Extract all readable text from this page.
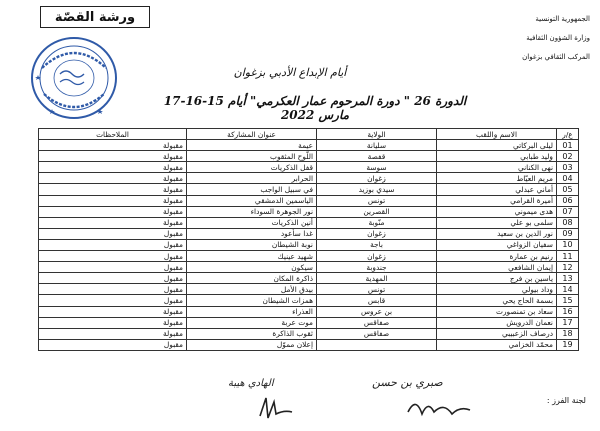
ورشة القصّة	الجمهورية التونسية
وزارة الشؤون الثقافية
المركب الثقافي بزغوان
أيام الإبداع الأدبي بزغوان
الدورة 26 " دورة المرحوم عمار العكرمي" أيام 15-16-17 مارس 2022
ع/ر	الاسم واللقب	الولاية	عنوان المشاركة	الملاحظات
01	ليلى البركاتي	سليانة	عيمة	مقبولة
02	وليد طبابي	قفصة	اللّوح المثقوب	مقبولة
03	نهى الكناني	سوسة	قفل الذكريات	مقبولة
04	مريم العيّاط	زغوان	الحرابر	مقبولة
05	أماني عبدلي	سيدي بوزيد	في سبيل الواجب	مقبولة
06	أميرة القرامي	تونس	الياسمين الدمشقي	مقبولة
07	هدى ميموني	القصرين	نور الجوهرة السوداء	مقبولة
08	سلمى بو علي	منّوبة	أنين الذكريات	مقبولة
09	نور الدين بن سعيد	زغوان	غدا سأعود	مقبول
10	سفيان الزواغي	باجة	نوبة الشيطان	مقبول
11	رنيم بن عمارة	زغوان	شهيد عينيك	مقبول
12	إيمان الشافعي	جندوبة	سيكون	مقبول
13	ياسين بن فرج	المهدية	ذاكرة المكان	مقبول
14	وداد بيولي	تونس	بيدق الأمل	مقبول
15	بسمة الحاج يحي	قابس	همزات الشيطان	مقبول
16	سعاد بن تمنصورت	بن عروس	العذراء	مقبولة
17	نعمان الدرويش	صفاقس	موت عربة	مقبولة
18	درصاف الزعبيبي	صفاقس	ثقوب الذاكرة	مقبولة
19	محمّد الخزامي		إعلان مموّل	مقبول
الهادي هيبة	صبري بن حسن
لجنة الفرز :
